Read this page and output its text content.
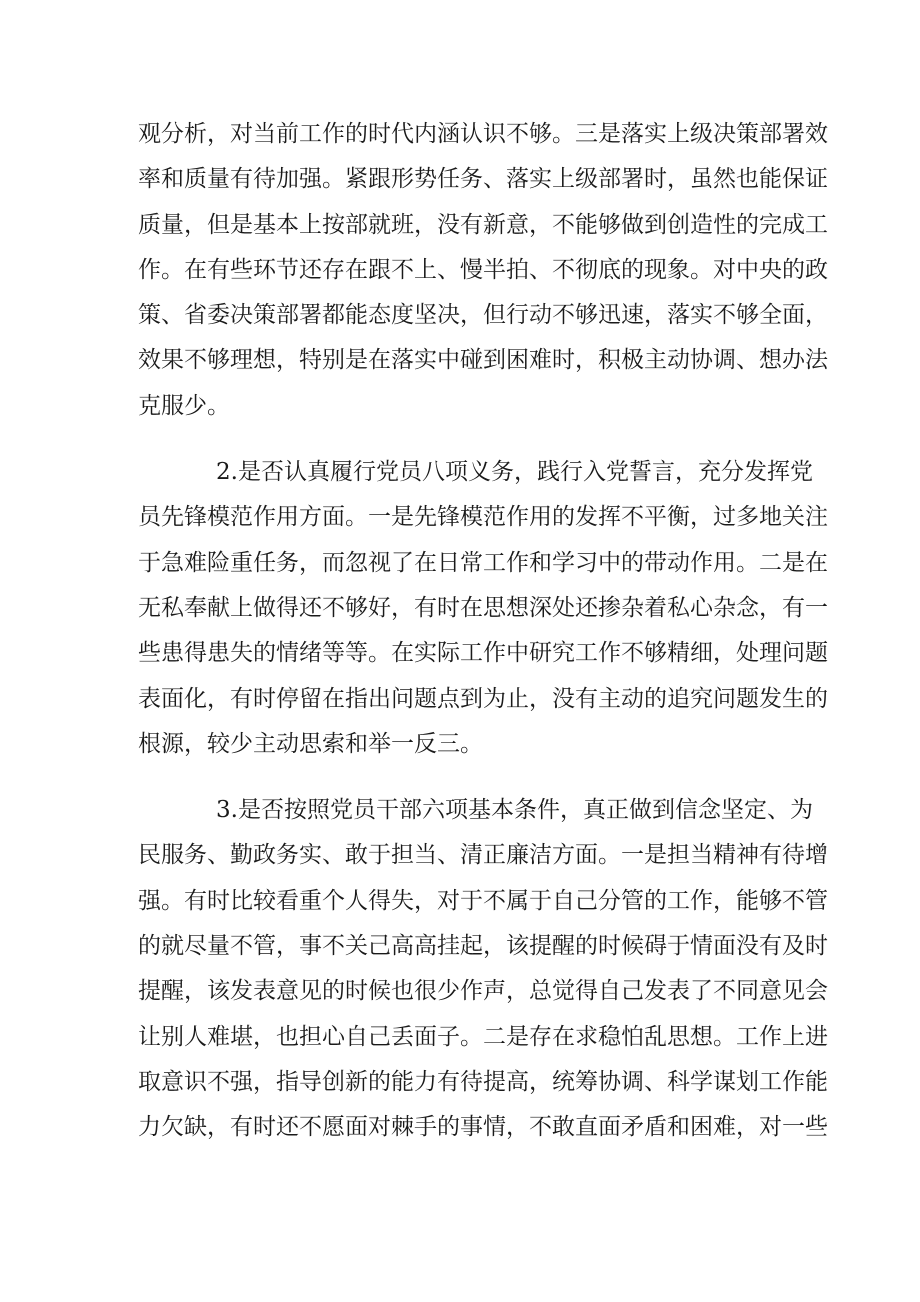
观分析，对当前工作的时代内涵认识不够。三是落实上级决策部署效
率和质量有待加强。紧跟形势任务、落实上级部署时，虽然也能保证
质量，但是基本上按部就班，没有新意，不能够做到创造性的完成工
作。在有些环节还存在跟不上、慢半拍、不彻底的现象。对中央的政
策、省委决策部署都能态度坚决，但行动不够迅速，落实不够全面，
效果不够理想，特别是在落实中碰到困难时，积极主动协调、想办法
克服少。
2.是否认真履行党员八项义务，践行入党誓言，充分发挥党
员先锋模范作用方面。一是先锋模范作用的发挥不平衡，过多地关注
于急难险重任务，而忽视了在日常工作和学习中的带动作用。二是在
无私奉献上做得还不够好，有时在思想深处还掺杂着私心杂念，有一
些患得患失的情绪等等。在实际工作中研究工作不够精细，处理问题
表面化，有时停留在指出问题点到为止，没有主动的追究问题发生的
根源，较少主动思索和举一反三。
3.是否按照党员干部六项基本条件，真正做到信念坚定、为
民服务、勤政务实、敢于担当、清正廉洁方面。一是担当精神有待增
强。有时比较看重个人得失，对于不属于自己分管的工作，能够不管
的就尽量不管，事不关己高高挂起，该提醒的时候碍于情面没有及时
提醒，该发表意见的时候也很少作声，总觉得自己发表了不同意见会
让别人难堪，也担心自己丢面子。二是存在求稳怕乱思想。工作上进
取意识不强，指导创新的能力有待提高，统筹协调、科学谋划工作能
力欠缺，有时还不愿面对棘手的事情，不敢直面矛盾和困难，对一些
